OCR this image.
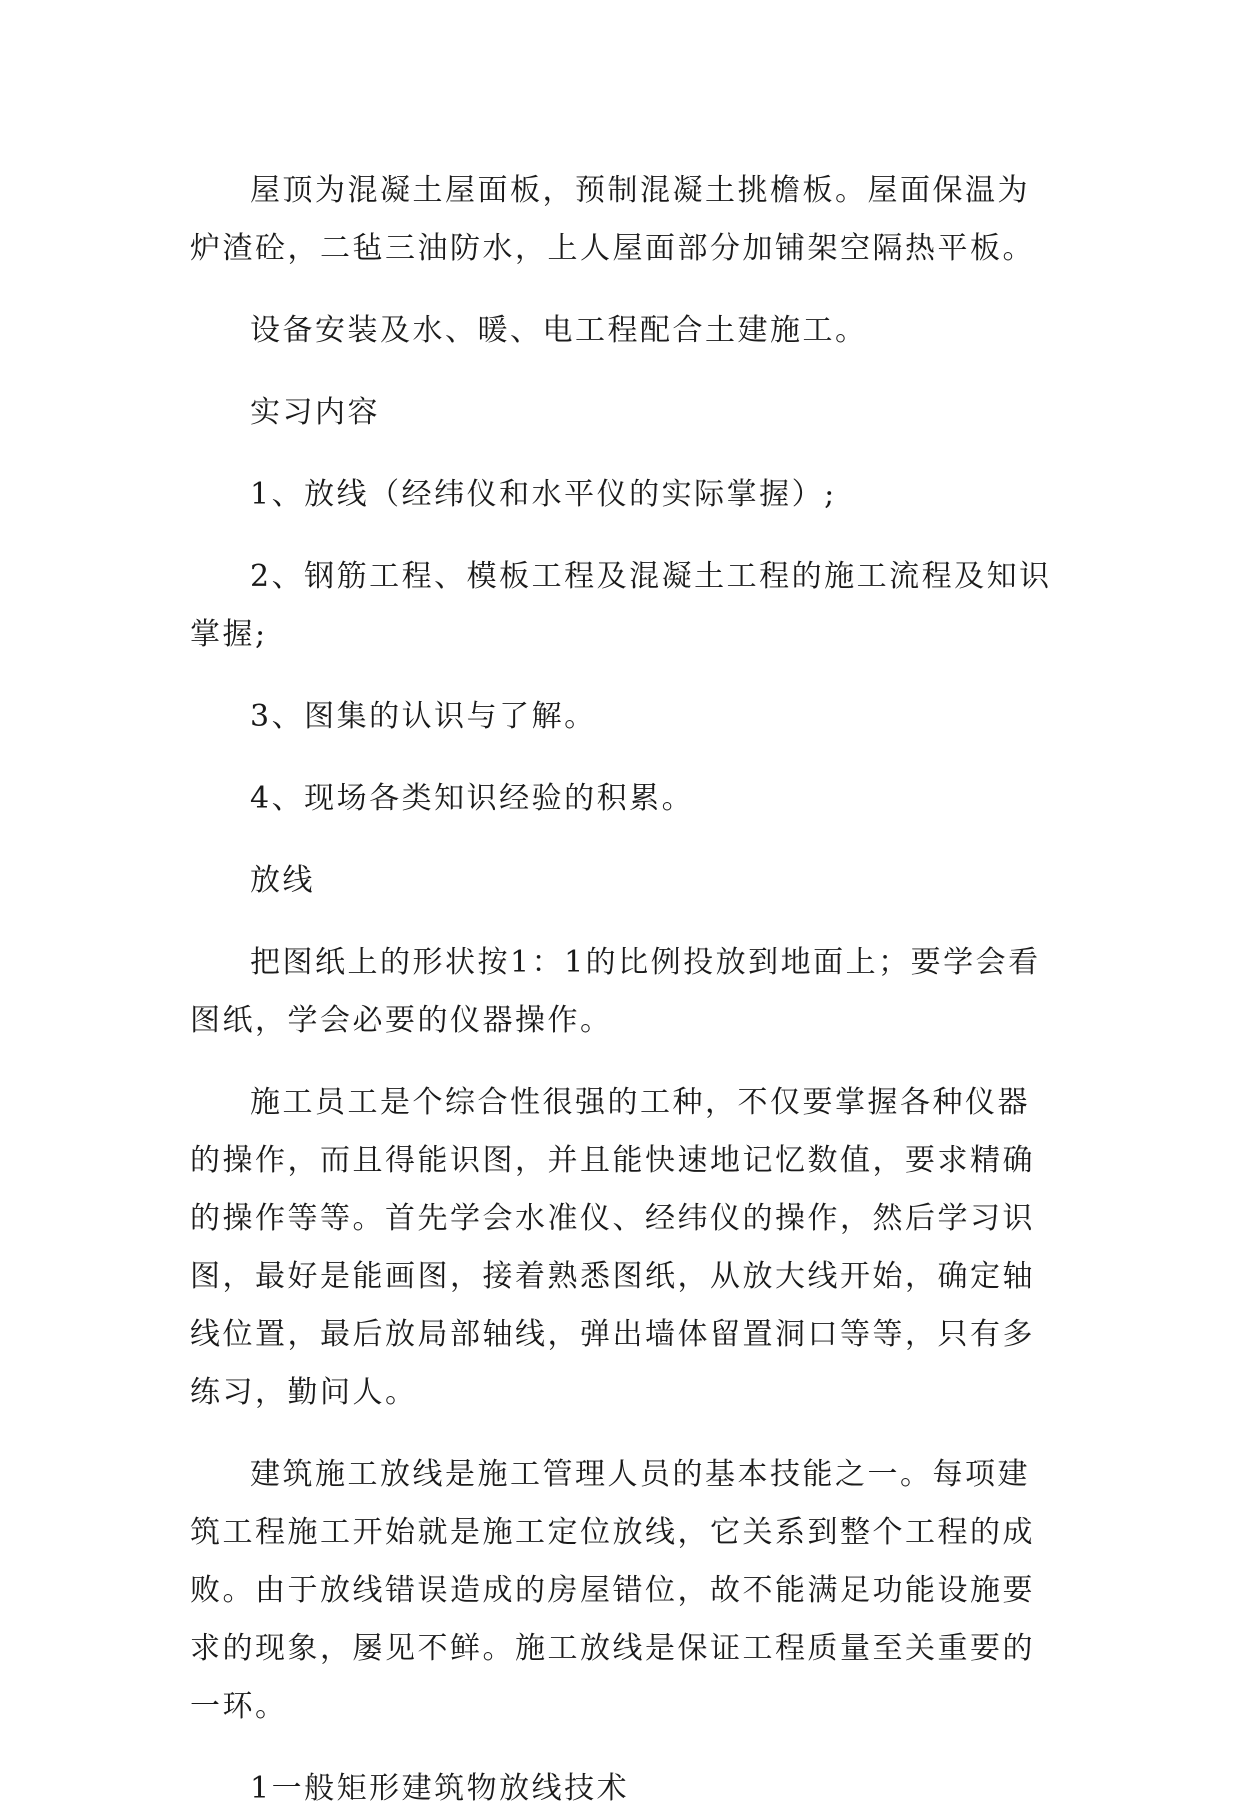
屋顶为混凝土屋面板，预制混凝土挑檐板。屋面保温为炉渣砼，二毡三油防水，上人屋面部分加铺架空隔热平板。

设备安装及水、暖、电工程配合土建施工。

实习内容

1、放线（经纬仪和水平仪的实际掌握）;

2、钢筋工程、模板工程及混凝土工程的施工流程及知识掌握;

3、图集的认识与了解。

4、现场各类知识经验的积累。

放线

把图纸上的形状按1：1的比例投放到地面上；要学会看图纸，学会必要的仪器操作。

施工员工是个综合性很强的工种，不仅要掌握各种仪器的操作，而且得能识图，并且能快速地记忆数值，要求精确的操作等等。首先学会水准仪、经纬仪的操作，然后学习识图，最好是能画图，接着熟悉图纸，从放大线开始，确定轴线位置，最后放局部轴线，弹出墙体留置洞口等等，只有多练习，勤问人。

建筑施工放线是施工管理人员的基本技能之一。每项建筑工程施工开始就是施工定位放线，它关系到整个工程的成败。由于放线错误造成的房屋错位，故不能满足功能设施要求的现象，屡见不鲜。施工放线是保证工程质量至关重要的一环。

1一般矩形建筑物放线技术
